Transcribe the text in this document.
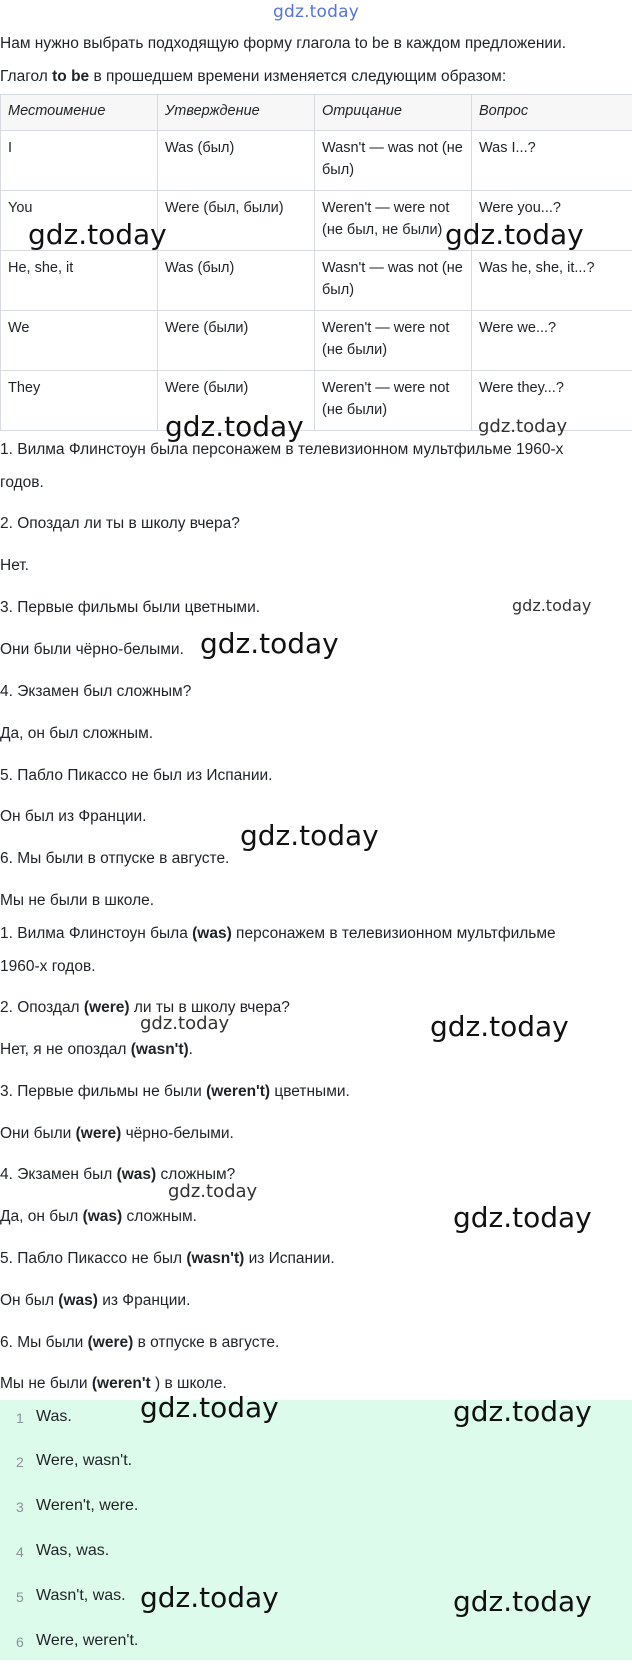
gdz.today
Нам нужно выбрать подходящую форму глагола to be в каждом предложении.
Глагол to be в прошедшем времени изменяется следующим образом:
Местоимение	Утверждение	Отрицание	Вопрос
I	Was (был)	Wasn't — was not (не был)	Was I...?
You	Were (был, были)	Weren't — were not (не был, не были)	Were you...?
He, she, it	Was (был)	Wasn't — was not (не был)	Was he, she, it...?
We	Were (были)	Weren't — were not (не были)	Were we...?
They	Were (были)	Weren't — were not (не были)	Were they...?
1. Вилма Флинстоун была персонажем в телевизионном мультфильме 1960-х
годов.
2. Опоздал ли ты в школу вчера?
Нет.
3. Первые фильмы были цветными.
Они были чёрно-белыми.
4. Экзамен был сложным?
Да, он был сложным.
5. Пабло Пикассо не был из Испании.
Он был из Франции.
6. Мы были в отпуске в августе.
Мы не были в школе.
1. Вилма Флинстоун была (was) персонажем в телевизионном мультфильме
1960-х годов.
2. Опоздал (were) ли ты в школу вчера?
Нет, я не опоздал (wasn't).
3. Первые фильмы не были (weren't) цветными.
Они были (were) чёрно-белыми.
4. Экзамен был (was) сложным?
Да, он был (was) сложным.
5. Пабло Пикассо не был (wasn't) из Испании.
Он был (was) из Франции.
6. Мы были (were) в отпуске в августе.
Мы не были (weren't ) в школе.
1 Was.
2 Were, wasn't.
3 Weren't, were.
4 Was, was.
5 Wasn't, was.
6 Were, weren't.
gdz.today	gdz.today
gdz.today	gdz.today
gdz.today
gdz.today
gdz.today
gdz.today	gdz.today
gdz.today
gdz.today
gdz.today	gdz.today
gdz.today	gdz.today
